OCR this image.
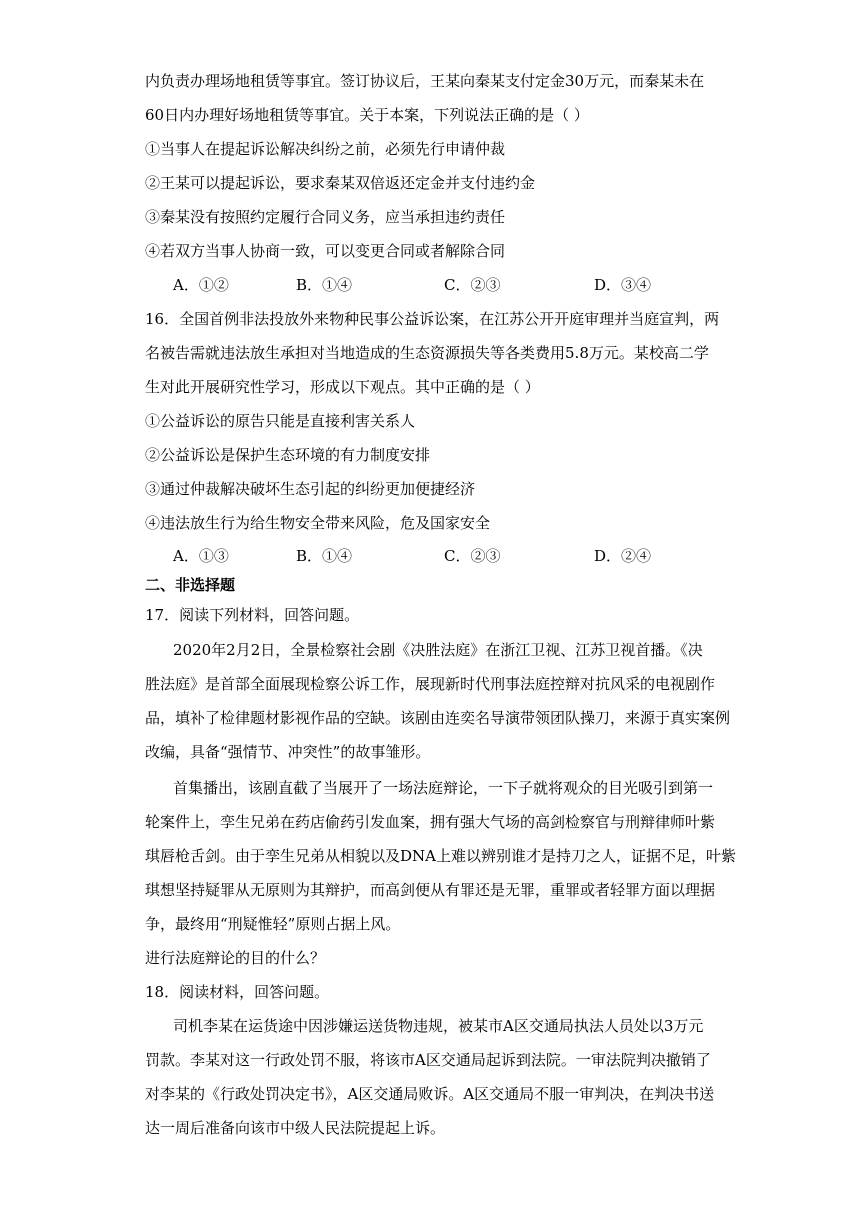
内负责办理场地租赁等事宜。签订协议后，王某向秦某支付定金30万元，而秦某未在
60日内办理好场地租赁等事宜。关于本案，下列说法正确的是（ ）
①当事人在提起诉讼解决纠纷之前，必须先行申请仲裁
②王某可以提起诉讼，要求秦某双倍返还定金并支付违约金
③秦某没有按照约定履行合同义务，应当承担违约责任
④若双方当事人协商一致，可以变更合同或者解除合同
A．①②	B．①④	C．②③	D．③④
16．全国首例非法投放外来物种民事公益诉讼案，在江苏公开开庭审理并当庭宣判，两
名被告需就违法放生承担对当地造成的生态资源损失等各类费用5.8万元。某校高二学
生对此开展研究性学习，形成以下观点。其中正确的是（ ）
①公益诉讼的原告只能是直接利害关系人
②公益诉讼是保护生态环境的有力制度安排
③通过仲裁解决破坏生态引起的纠纷更加便捷经济
④违法放生行为给生物安全带来风险，危及国家安全
A．①③	B．①④	C．②③	D．②④
二、非选择题
17．阅读下列材料，回答问题。
2020年2月2日，全景检察社会剧《决胜法庭》在浙江卫视、江苏卫视首播。《决
胜法庭》是首部全面展现检察公诉工作，展现新时代刑事法庭控辩对抗风采的电视剧作
品，填补了检律题材影视作品的空缺。该剧由连奕名导演带领团队操刀，来源于真实案例
改编，具备“强情节、冲突性”的故事雏形。
首集播出，该剧直截了当展开了一场法庭辩论，一下子就将观众的目光吸引到第一
轮案件上，孪生兄弟在药店偷药引发血案，拥有强大气场的高剑检察官与刑辩律师叶紫
琪唇枪舌剑。由于孪生兄弟从相貌以及DNA上难以辨别谁才是持刀之人，证据不足，叶紫
琪想坚持疑罪从无原则为其辩护，而高剑便从有罪还是无罪，重罪或者轻罪方面以理据
争，最终用“刑疑惟轻”原则占据上风。
进行法庭辩论的目的什么？
18．阅读材料，回答问题。
司机李某在运货途中因涉嫌运送货物违规，被某市A区交通局执法人员处以3万元
罚款。李某对这一行政处罚不服，将该市A区交通局起诉到法院。一审法院判决撤销了
对李某的《行政处罚决定书》，A区交通局败诉。A区交通局不服一审判决，在判决书送
达一周后准备向该市中级人民法院提起上诉。
